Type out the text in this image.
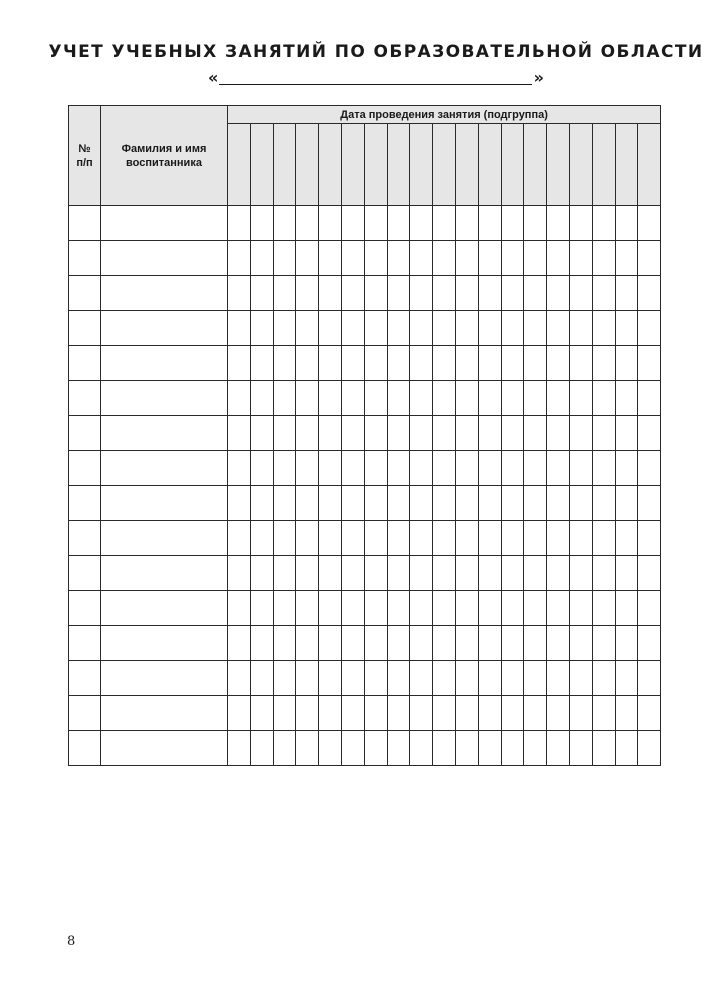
УЧЕТ УЧЕБНЫХ ЗАНЯТИЙ ПО ОБРАЗОВАТЕЛЬНОЙ ОБЛАСТИ
«	»
№
п/п	Фамилия и имя воспитанника	Дата проведения занятия (подгруппа)																		

8
